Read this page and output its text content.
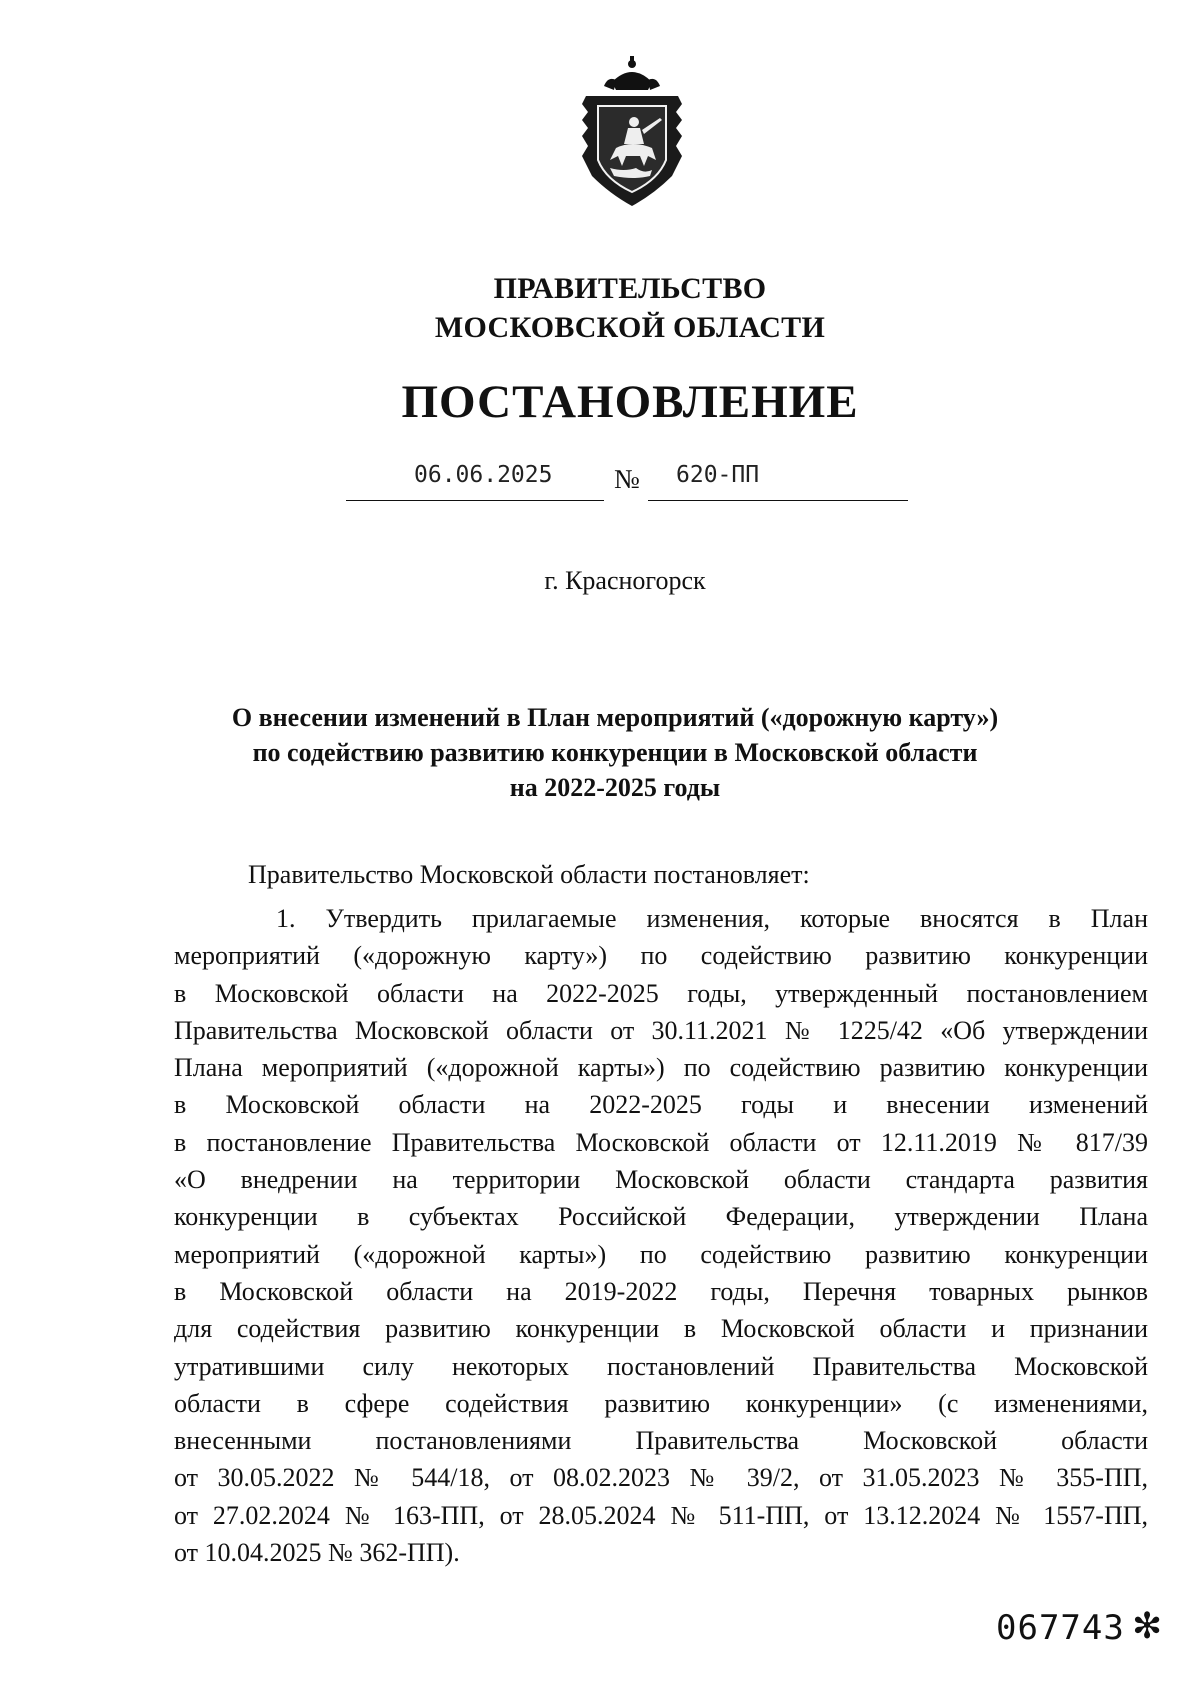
ПРАВИТЕЛЬСТВО
МОСКОВСКОЙ ОБЛАСТИ
ПОСТАНОВЛЕНИЕ
06.06.2025 № 620-ПП
г. Красногорск
О внесении изменений в План мероприятий («дорожную карту»)
по содействию развитию конкуренции в Московской области
на 2022-2025 годы
Правительство Московской области постановляет:
1. Утвердить прилагаемые изменения, которые вносятся в План
мероприятий («дорожную карту») по содействию развитию конкуренции
в Московской области на 2022-2025 годы, утвержденный постановлением
Правительства Московской области от 30.11.2021 № 1225/42 «Об утверждении
Плана мероприятий («дорожной карты») по содействию развитию конкуренции
в Московской области на 2022-2025 годы и внесении изменений
в постановление Правительства Московской области от 12.11.2019 № 817/39
«О внедрении на территории Московской области стандарта развития
конкуренции в субъектах Российской Федерации, утверждении Плана
мероприятий («дорожной карты») по содействию развитию конкуренции
в Московской области на 2019-2022 годы, Перечня товарных рынков
для содействия развитию конкуренции в Московской области и признании
утратившими силу некоторых постановлений Правительства Московской
области в сфере содействия развитию конкуренции» (с изменениями,
внесенными постановлениями Правительства Московской области
от 30.05.2022 № 544/18, от 08.02.2023 № 39/2, от 31.05.2023 № 355-ПП,
от 27.02.2024 № 163-ПП, от 28.05.2024 № 511-ПП, от 13.12.2024 № 1557-ПП,
от 10.04.2025 № 362-ПП).
067743 ✻
